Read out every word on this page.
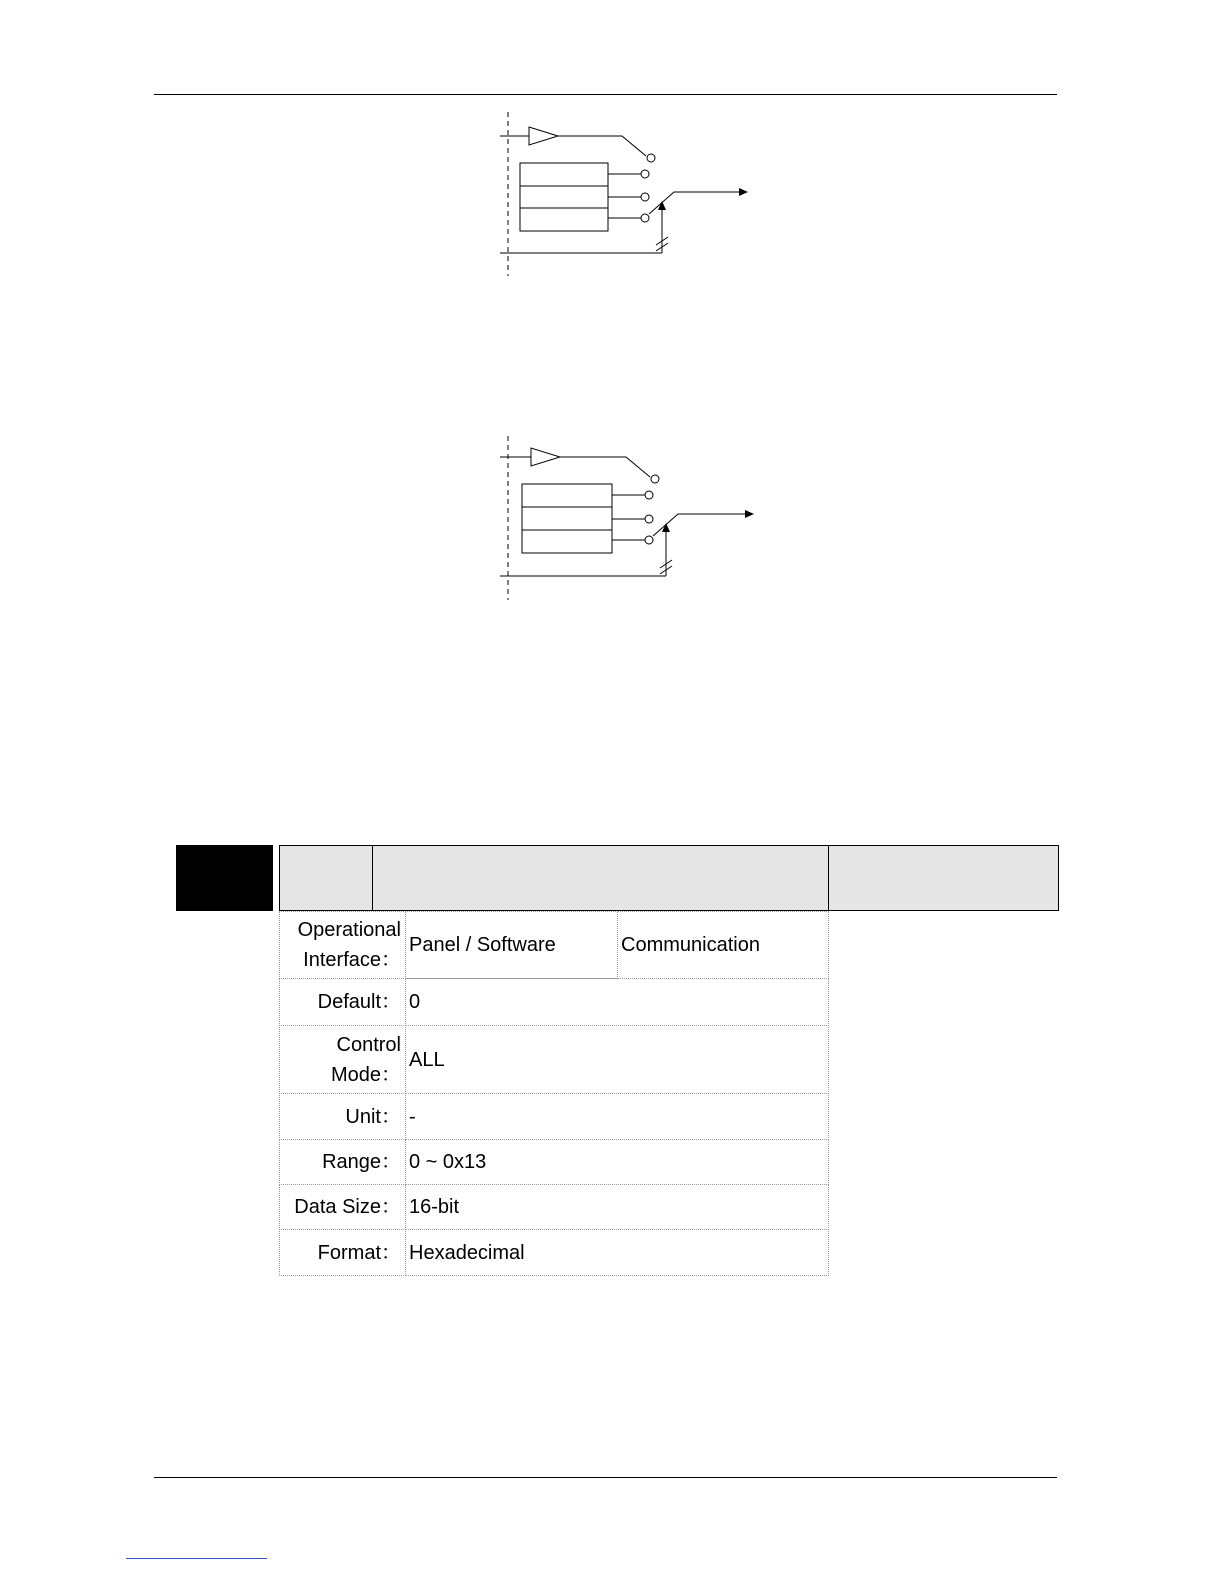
Operational
Interface：
Panel / Software	Communication
Default： 0
Control
Mode：
ALL
Unit： -
Range： 0 ~ 0x13
Data Size： 16-bit
Format： Hexadecimal
